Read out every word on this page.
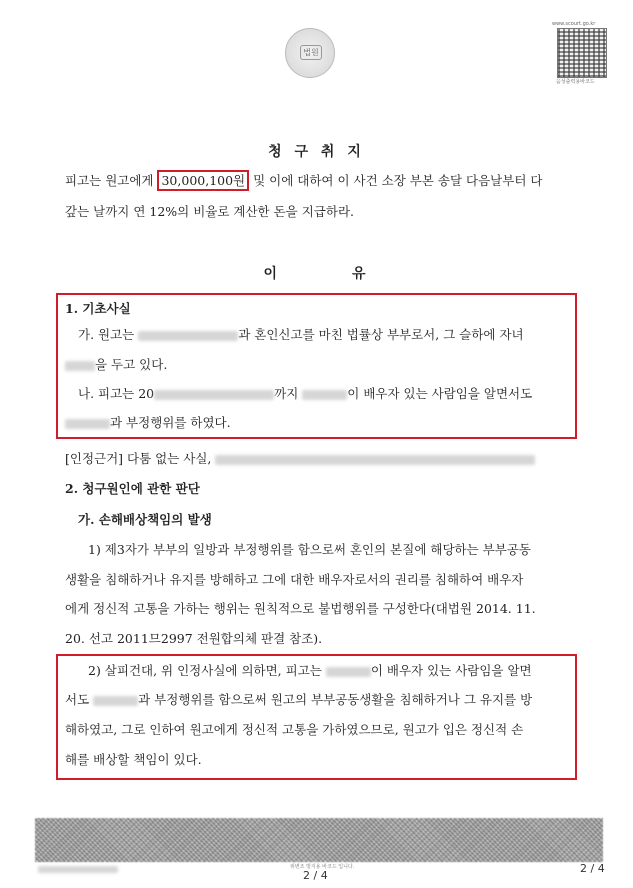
법원
www.scourt.go.kr
음성출력용바코드
청 구 취 지
피고는 원고에게 30,000,100원 및 이에 대하여 이 사건 소장 부본 송달 다음날부터 다
갚는 날까지 연 12%의 비율로 계산한 돈을 지급하라.
이        유
1. 기초사실
가. 원고는	과 혼인신고를 마친 법률상 부부로서, 그 슬하에 자녀
을 두고 있다.
나. 피고는 20	까지	이 배우자 있는 사람임을 알면서도
과 부정행위를 하였다.
[인정근거] 다툼 없는 사실,
2. 청구원인에 관한 판단
가. 손해배상책임의 발생
1) 제3자가 부부의 일방과 부정행위를 함으로써 혼인의 본질에 해당하는 부부공동
생활을 침해하거나 유지를 방해하고 그에 대한 배우자로서의 권리를 침해하여 배우자
에게 정신적 고통을 가하는 행위는 원칙적으로 불법행위를 구성한다(대법원 2014. 11.
20. 선고 2011므2997 전원합의체 판결 참조).
2) 살피건대, 위 인정사실에 의하면, 피고는	이 배우자 있는 사람임을 알면
서도	과 부정행위를 함으로써 원고의 부부공동생활을 침해하거나 그 유지를 방
해하였고, 그로 인하여 원고에게 정신적 고통을 가하였으므로, 원고가 입은 정신적 손
해를 배상할 책임이 있다.
위변조 방지용 바코드 입니다.
2 / 4
2 / 4
